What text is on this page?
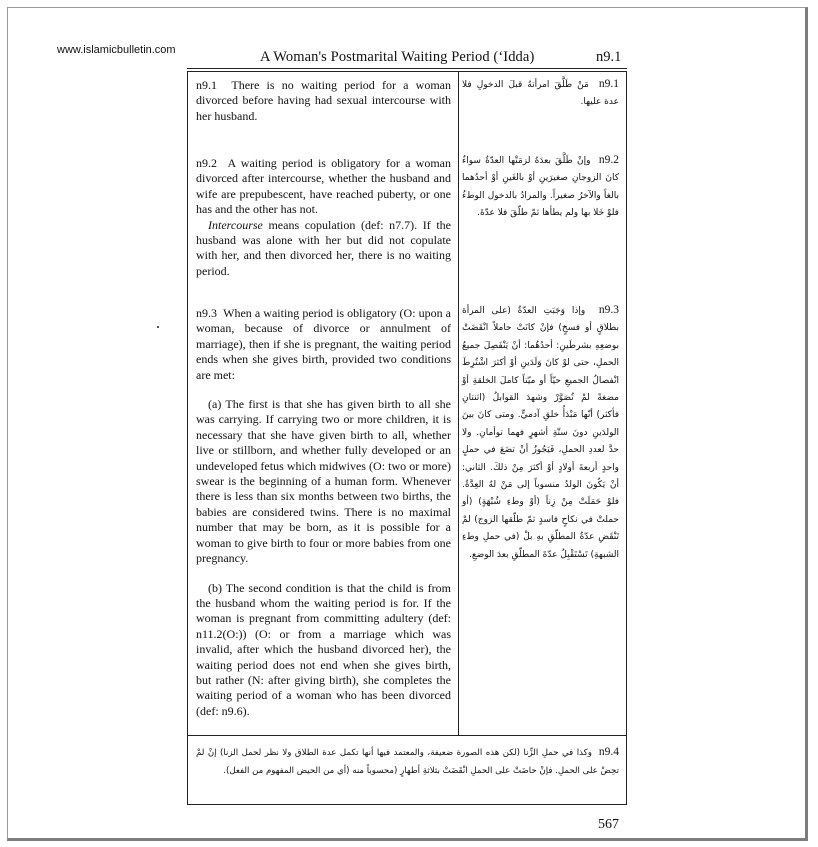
www.islamicbulletin.com	A Woman's Postmarital Waiting Period (‘Idda)	n9.1

n9.1 There is no waiting period for a woman divorced before having had sexual intercourse with her husband.

n9.2 A waiting period is obligatory for a woman divorced after intercourse, whether the husband and wife are prepubescent, have reached puberty, or one has and the other has not.

Intercourse means copulation (def: n7.7). If the husband was alone with her but did not copulate with her, and then divorced her, there is no waiting period.

n9.3 When a waiting period is obligatory (O: upon a woman, because of divorce or annulment of marriage), then if she is pregnant, the waiting period ends when she gives birth, provided two conditions are met:

(a) The first is that she has given birth to all she was carrying. If carrying two or more children, it is necessary that she have given birth to all, whether live or stillborn, and whether fully developed or an undeveloped fetus which midwives (O: two or more) swear is the beginning of a human form. Whenever there is less than six months between two births, the babies are considered twins. There is no maximal number that may be born, as it is possible for a woman to give birth to four or more babies from one pregnancy.

(b) The second condition is that the child is from the husband whom the waiting period is for. If the woman is pregnant from committing adultery (def: n11.2(O:)) (O: or from a marriage which was invalid, after which the husband divorced her), the waiting period does not end when she gives birth, but rather (N: after giving birth), she completes the waiting period of a woman who has been divorced (def: n9.6).

n9.1  مَنْ طَلَّقَ امرأتهُ قبلَ الدخولِ فلا عدة عليها.
n9.2  وإنْ طَلَّقَ بعدَهُ لزمَتْها العدّةُ سواءٌ كانَ الزوجانِ صغيرَينِ أوْ بالغَينِ أوْ أحدُهما بالغاً والآخرُ صغيراً. والمرادُ بالدخول الوطءُ فلوْ خَلا بها ولم يطأها ثمّ طلّقَ فلا عدّةَ.
n9.3  وإذا وَجَبَتِ العدّةُ (على المرأة بطلاقٍ أو فسخٍ) فإنْ كانَتْ حاملاً انْقَضَتْ بوضعِهِ بشرطَينِ: أحدُهُما: أنْ يَنْفَصِلَ جميعُ الحملِ، حتى لوْ كانَ وَلَدَينِ أوْ أكثرَ اشْتُرِطَ انْفصالُ الجميعِ حيّاً أو ميّتاً كاملَ الخلقةِ أوْ مضغةً لمْ تُصَوَّرْ وشهدَ القوابلُ (اثنتانِ فأكثر) أنّها مَبْدَأُ خلقِ آدميٍّ. ومتى كانَ بينَ الولدَينِ دونَ ستّةِ أشهرٍ فهما توأمانِ. ولا حدَّ لعددِ الحملِ، فَيَجُوزُ أنْ تضَعَ في حملٍ واحدٍ أربعةَ أولادٍ أوْ أكثرَ مِنْ ذلكَ. الثاني: أنْ يَكُونَ الولدُ منسوباً إلى مَنْ لهُ العِدَّةُ. فلوْ حَمَلَتْ مِنْ زِناً (أوْ وطءِ شُبْهَةٍ) (أو حملتْ في نكاحٍ فاسدٍ ثمّ طلّقها الزوج) لمْ تَنْقَضِ عدّةُ المطلّقِ بهِ بلْ (في حملِ وطءِ الشبهةِ) تَسْتَقْبِلُ عدّةَ المطلّقِ بعدَ الوضعِ.
n9.4  وكذا في حملِ الزِّنا (لكن هذه الصورة ضعيفة، والمعتمد فيها أنها تكمل عدة الطلاق ولا نظر لحمل الزنا) إنْ لمْ تحِضْ على الحملِ. فإنْ حاضَتْ على الحملِ انْقَضَتْ بثلاثةِ أطهارٍ (محسوباً منه (أي من الحيض المفهوم من الفعل).
567
